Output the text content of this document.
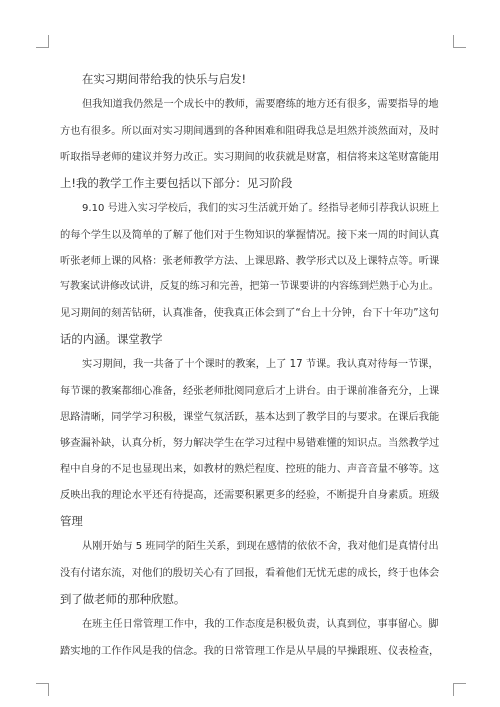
在实习期间带给我的快乐与启发!
但我知道我仍然是一个成长中的教师，需要磨练的地方还有很多，需要指导的地
方也有很多。所以面对实习期间遇到的各种困难和阻碍我总是坦然并淡然面对，及时
听取指导老师的建议并努力改正。实习期间的收获就是财富，相信将来这笔财富能用
上!我的教学工作主要包括以下部分：见习阶段
9.10 号进入实习学校后，我们的实习生活就开始了。经指导老师引荐我认识班上
的每个学生以及简单的了解了他们对于生物知识的掌握情况。接下来一周的时间认真
听张老师上课的风格：张老师教学方法、上课思路、教学形式以及上课特点等。听课
写教案试讲修改试讲，反复的练习和完善，把第一节课要讲的内容练到烂熟于心为止。
见习期间的刻苦钻研，认真准备，使我真正体会到了“台上十分钟，台下十年功”这句
话的内涵。课堂教学
实习期间，我一共备了十个课时的教案，上了 17 节课。我认真对待每一节课，
每节课的教案都细心准备，经张老师批阅同意后才上讲台。由于课前准备充分，上课
思路清晰，同学学习积极，课堂气氛活跃，基本达到了教学目的与要求。在课后我能
够查漏补缺，认真分析，努力解决学生在学习过程中易错难懂的知识点。当然教学过
程中自身的不足也显现出来，如教材的熟烂程度、控班的能力、声音音量不够等。这
反映出我的理论水平还有待提高，还需要积累更多的经验，不断提升自身素质。班级
管理
从刚开始与 5 班同学的陌生关系，到现在感情的依依不舍，我对他们是真情付出
没有付诸东流，对他们的殷切关心有了回报，看着他们无忧无虑的成长，终于也体会
到了做老师的那种欣慰。
在班主任日常管理工作中，我的工作态度是积极负责，认真到位，事事留心。脚
踏实地的工作作风是我的信念。我的日常管理工作是从早晨的早操跟班、仪表检查，
